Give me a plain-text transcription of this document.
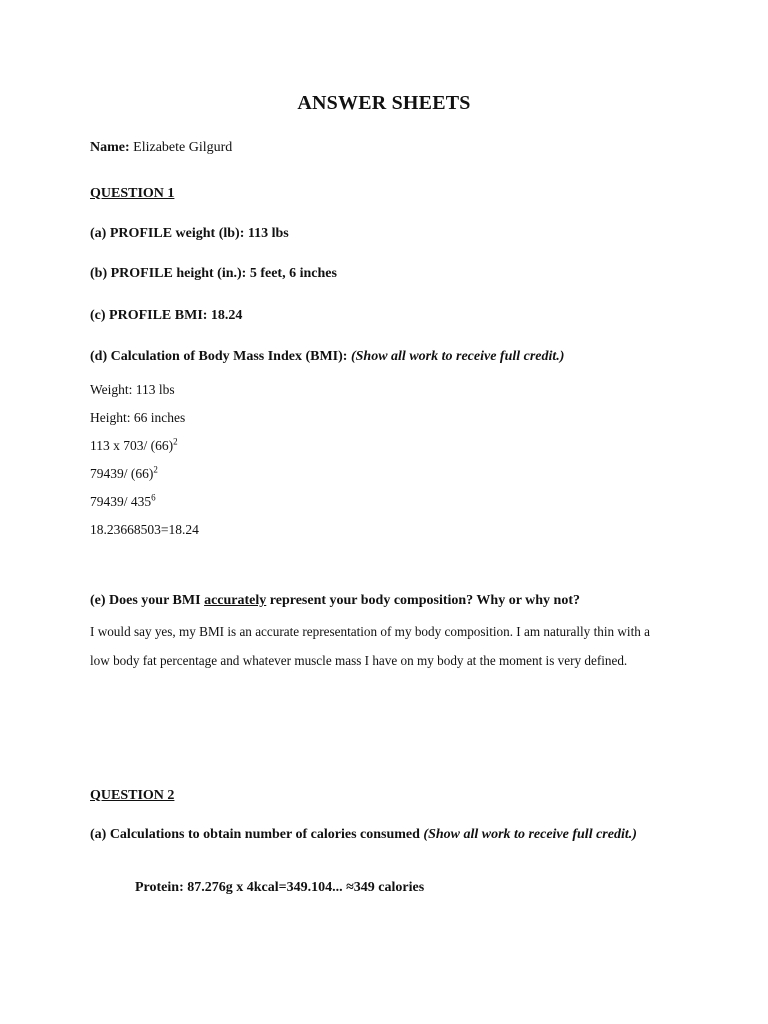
ANSWER SHEETS
Name: Elizabete Gilgurd
QUESTION 1
(a) PROFILE weight (lb): 113 lbs
(b) PROFILE height (in.): 5 feet, 6 inches
(c) PROFILE BMI: 18.24
(d) Calculation of Body Mass Index (BMI): (Show all work to receive full credit.)
Weight: 113 lbs
Height: 66 inches
113 x 703/ $(66)^2$
79439/ $(66)^2$
79439/ $435^6$
18.23668503=18.24
(e) Does your BMI accurately represent your body composition? Why or why not?
I would say yes, my BMI is an accurate representation of my body composition. I am naturally thin with a low body fat percentage and whatever muscle mass I have on my body at the moment is very defined.
QUESTION 2
(a) Calculations to obtain number of calories consumed (Show all work to receive full credit.)
Protein: 87.276g x 4kcal=349.104... ≈349 calories
